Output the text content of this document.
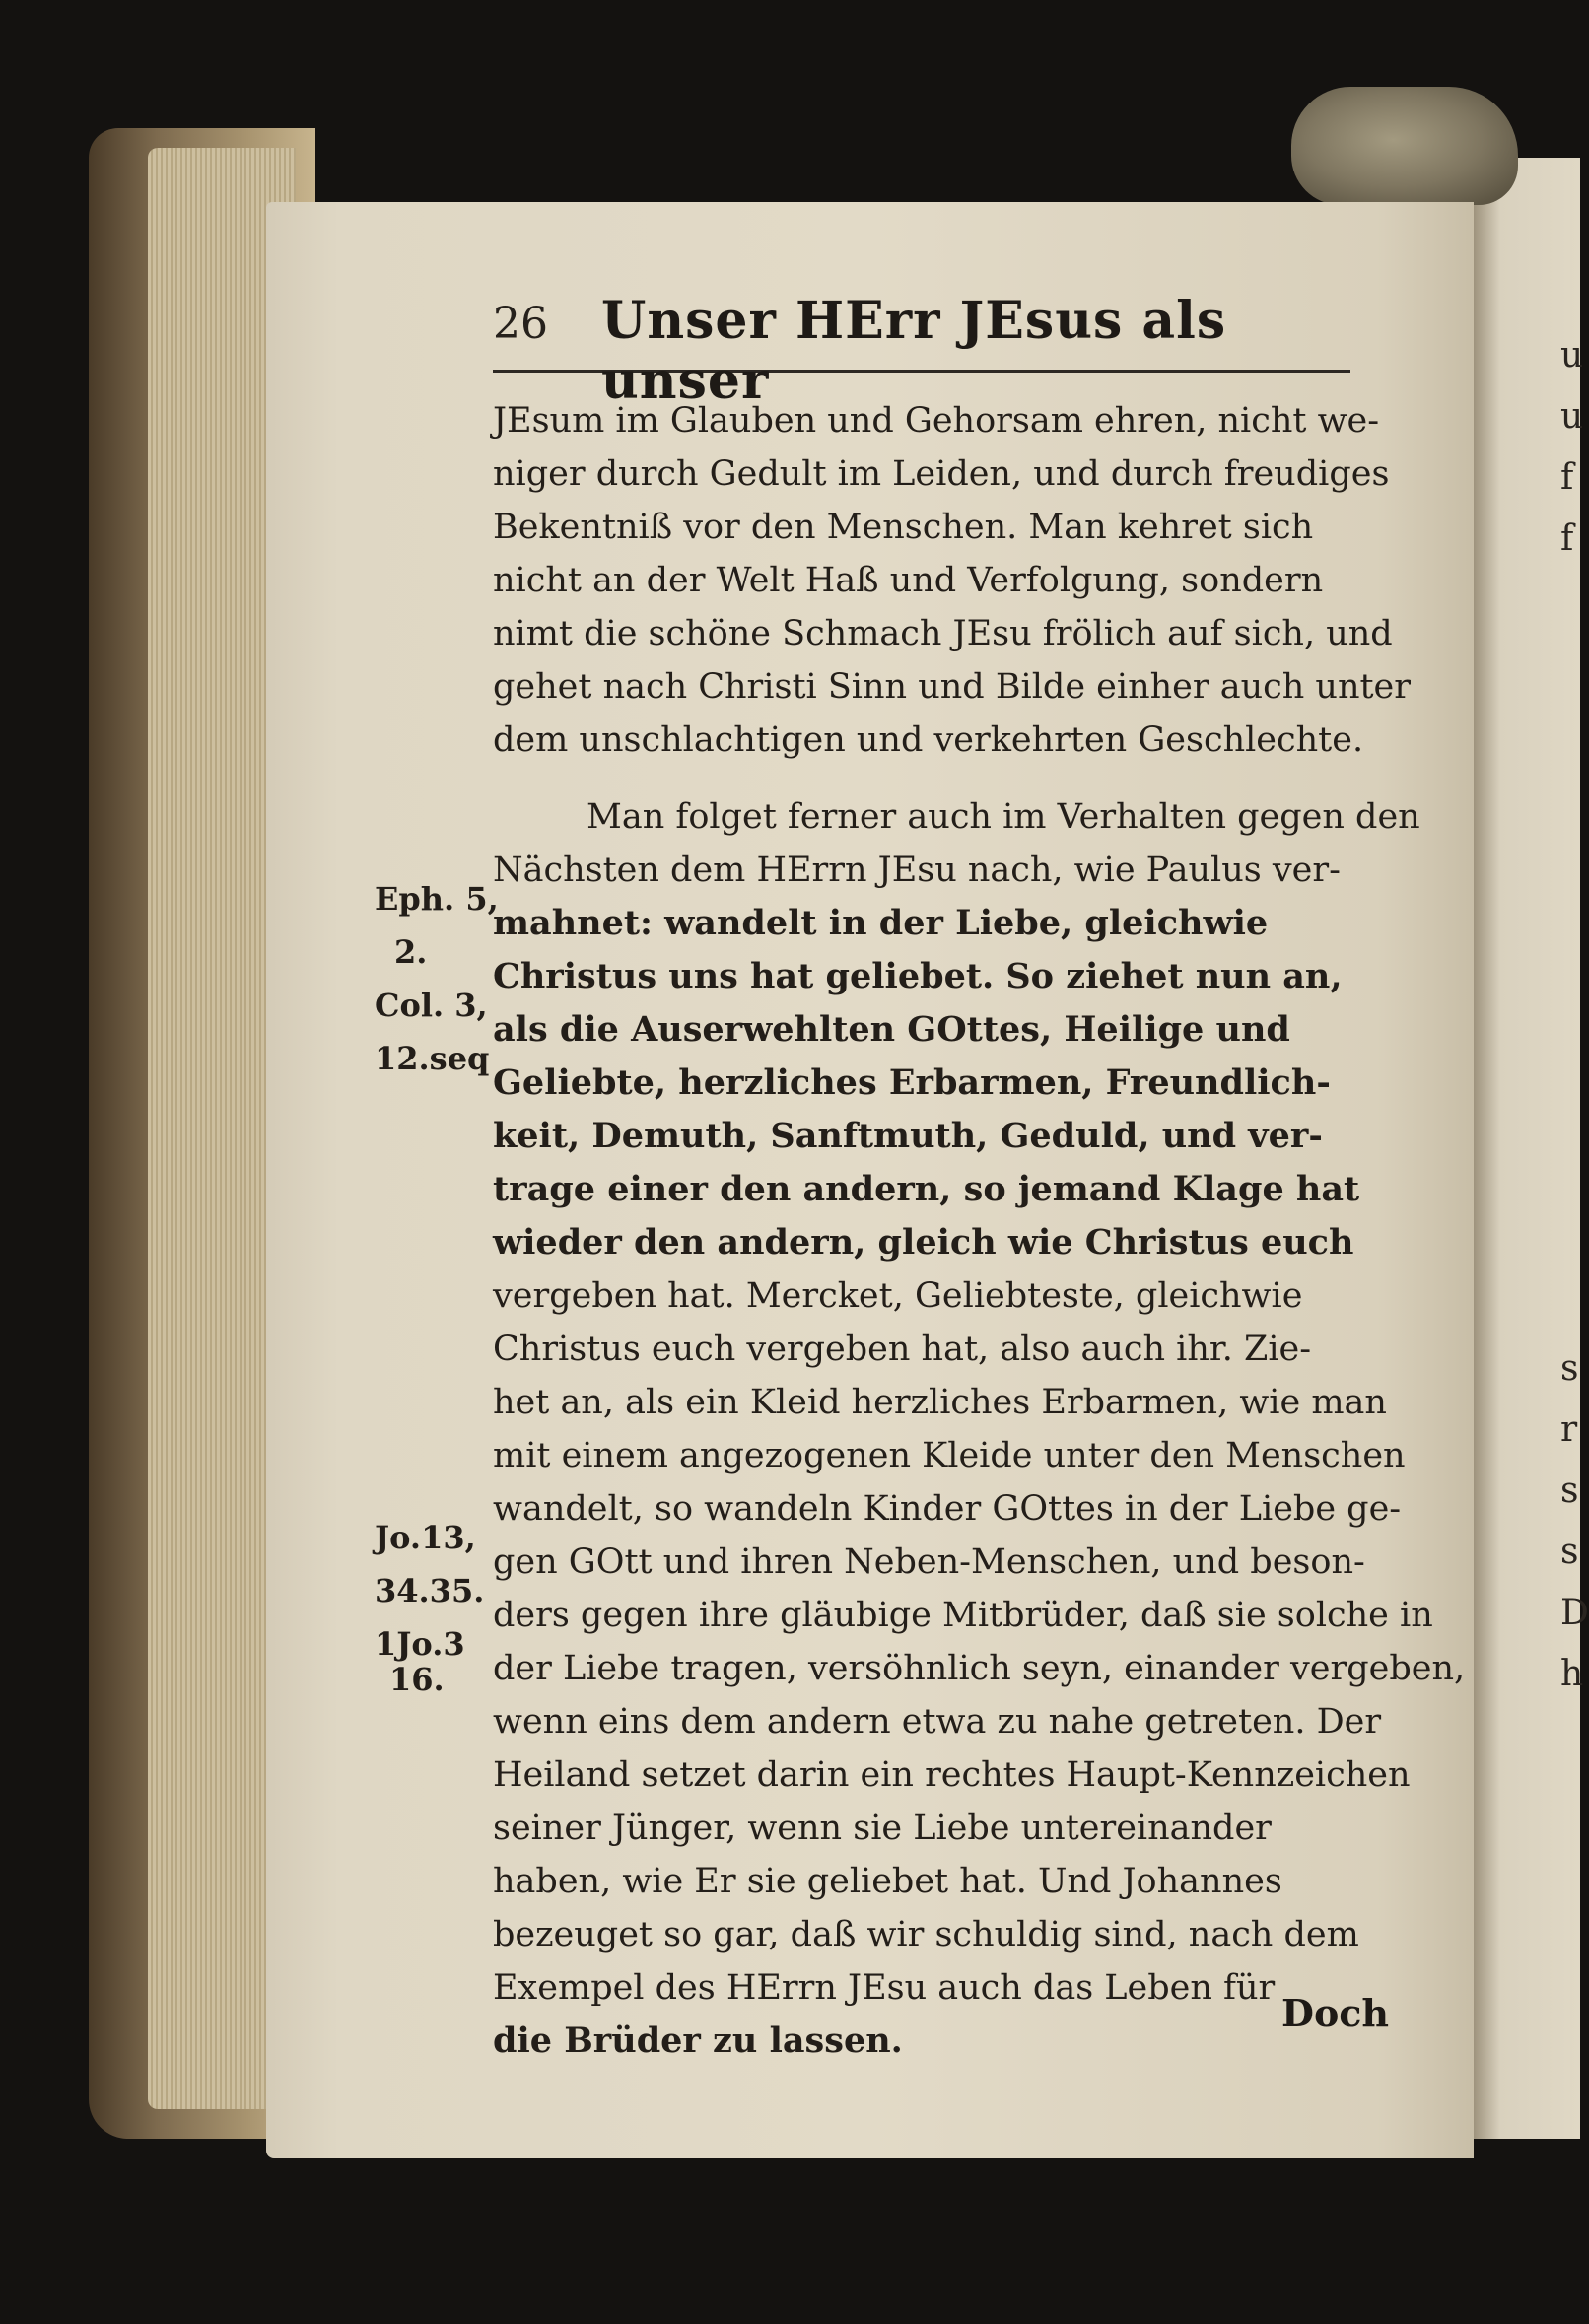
26 Unser HErr JEsus als unser
JEsum im Glauben und Gehorsam ehren, nicht we-
niger durch Gedult im Leiden, und durch freudiges
Bekentniß vor den Menschen. Man kehret sich
nicht an der Welt Haß und Verfolgung, sondern
nimt die schöne Schmach JEsu frölich auf sich, und
gehet nach Christi Sinn und Bilde einher auch unter
dem unschlachtigen und verkehrten Geschlechte.
Man folget ferner auch im Verhalten gegen den
Nächsten dem HErrn JEsu nach, wie Paulus ver-
mahnet: wandelt in der Liebe, gleichwie
Christus uns hat geliebet. So ziehet nun an,
als die Auserwehlten GOttes, Heilige und
Geliebte, herzliches Erbarmen, Freundlich-
keit, Demuth, Sanftmuth, Geduld, und ver-
trage einer den andern, so jemand Klage hat
wieder den andern, gleich wie Christus euch
vergeben hat. Mercket, Geliebteste, gleichwie
Christus euch vergeben hat, also auch ihr. Zie-
het an, als ein Kleid herzliches Erbarmen, wie man
mit einem angezogenen Kleide unter den Menschen
wandelt, so wandeln Kinder GOttes in der Liebe ge-
gen GOtt und ihren Neben-Menschen, und beson-
ders gegen ihre gläubige Mitbrüder, daß sie solche in
der Liebe tragen, versöhnlich seyn, einander vergeben,
wenn eins dem andern etwa zu nahe getreten. Der
Heiland setzet darin ein rechtes Haupt-Kennzeichen
seiner Jünger, wenn sie Liebe untereinander
haben, wie Er sie geliebet hat. Und Johannes
bezeuget so gar, daß wir schuldig sind, nach dem
Exempel des HErrn JEsu auch das Leben für
die Brüder zu lassen.
Eph. 5,
2.
Col. 3,
12.seq
Jo.13,
34.35.
1Jo.3
16.
Doch
u
u
f
f
s
r
s
s
D
h
